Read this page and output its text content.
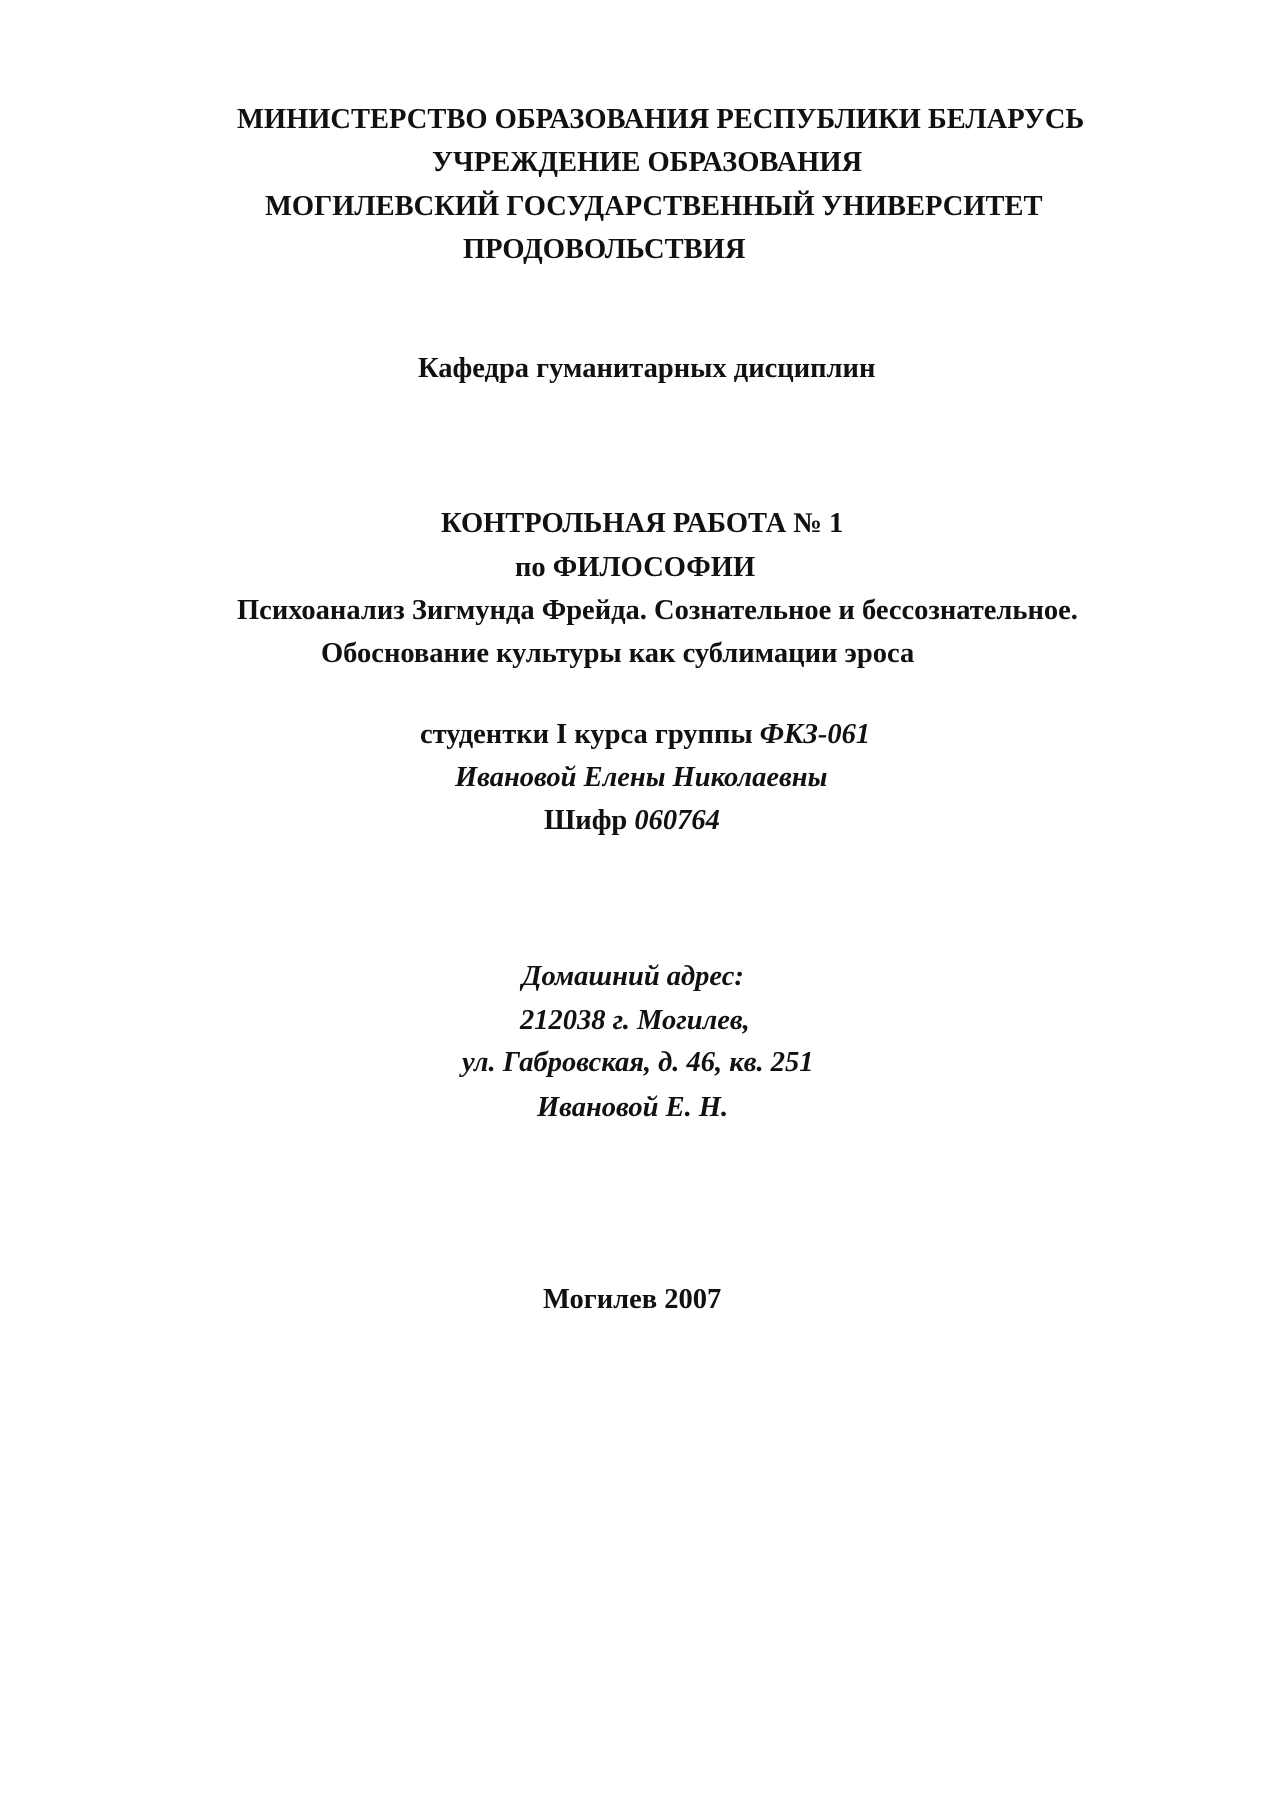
МИНИСТЕРСТВО ОБРАЗОВАНИЯ РЕСПУБЛИКИ БЕЛАРУСЬ
УЧРЕЖДЕНИЕ ОБРАЗОВАНИЯ
МОГИЛЕВСКИЙ ГОСУДАРСТВЕННЫЙ УНИВЕРСИТЕТ
ПРОДОВОЛЬСТВИЯ
Кафедра гуманитарных дисциплин
КОНТРОЛЬНАЯ РАБОТА № 1
по ФИЛОСОФИИ
Психоанализ Зигмунда Фрейда. Сознательное и бессознательное.
Обоснование культуры как сублимации эроса
студентки I курса группы ФКЗ-061
Ивановой Елены Николаевны
Шифр 060764
Домашний адрес:
212038 г. Могилев,
ул. Габровская, д. 46, кв. 251
Ивановой Е. Н.
Могилев 2007
